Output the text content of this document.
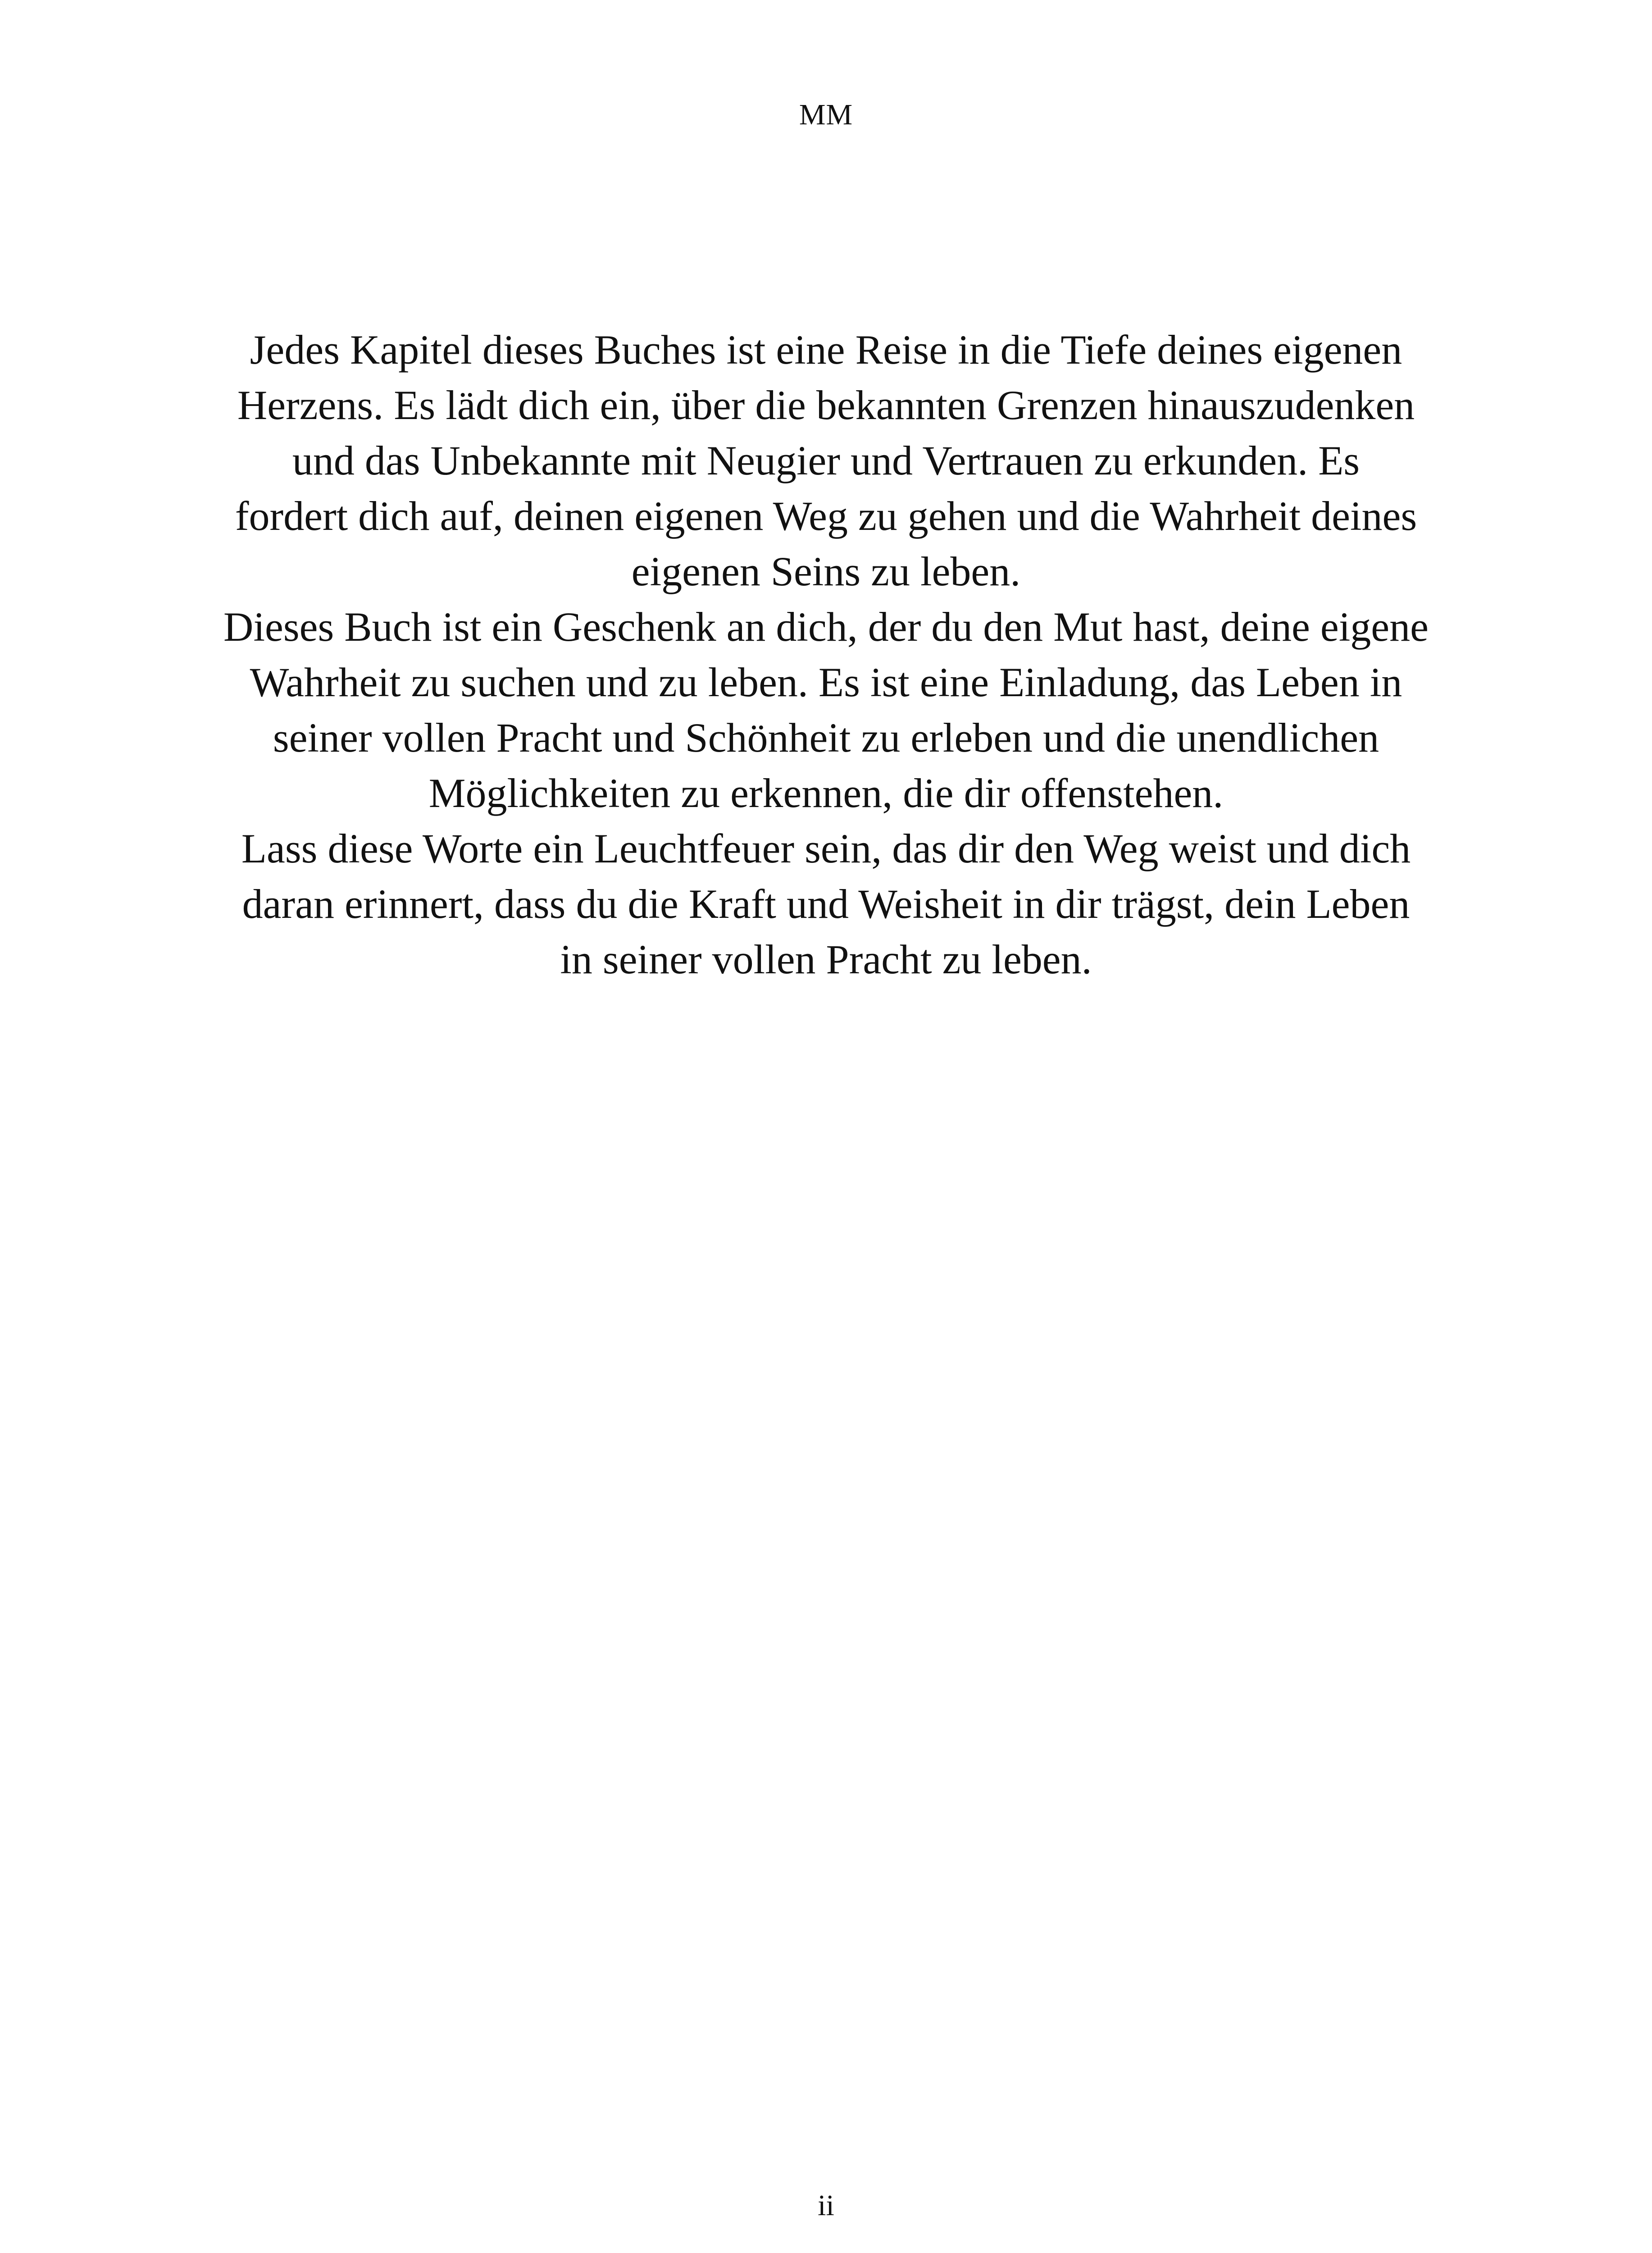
MM
Jedes Kapitel dieses Buches ist eine Reise in die Tiefe deines eigenen
Herzens. Es lädt dich ein, über die bekannten Grenzen hinauszudenken
und das Unbekannte mit Neugier und Vertrauen zu erkunden. Es
fordert dich auf, deinen eigenen Weg zu gehen und die Wahrheit deines
eigenen Seins zu leben.
Dieses Buch ist ein Geschenk an dich, der du den Mut hast, deine eigene
Wahrheit zu suchen und zu leben. Es ist eine Einladung, das Leben in
seiner vollen Pracht und Schönheit zu erleben und die unendlichen
Möglichkeiten zu erkennen, die dir offenstehen.
Lass diese Worte ein Leuchtfeuer sein, das dir den Weg weist und dich
daran erinnert, dass du die Kraft und Weisheit in dir trägst, dein Leben
in seiner vollen Pracht zu leben.
ii
